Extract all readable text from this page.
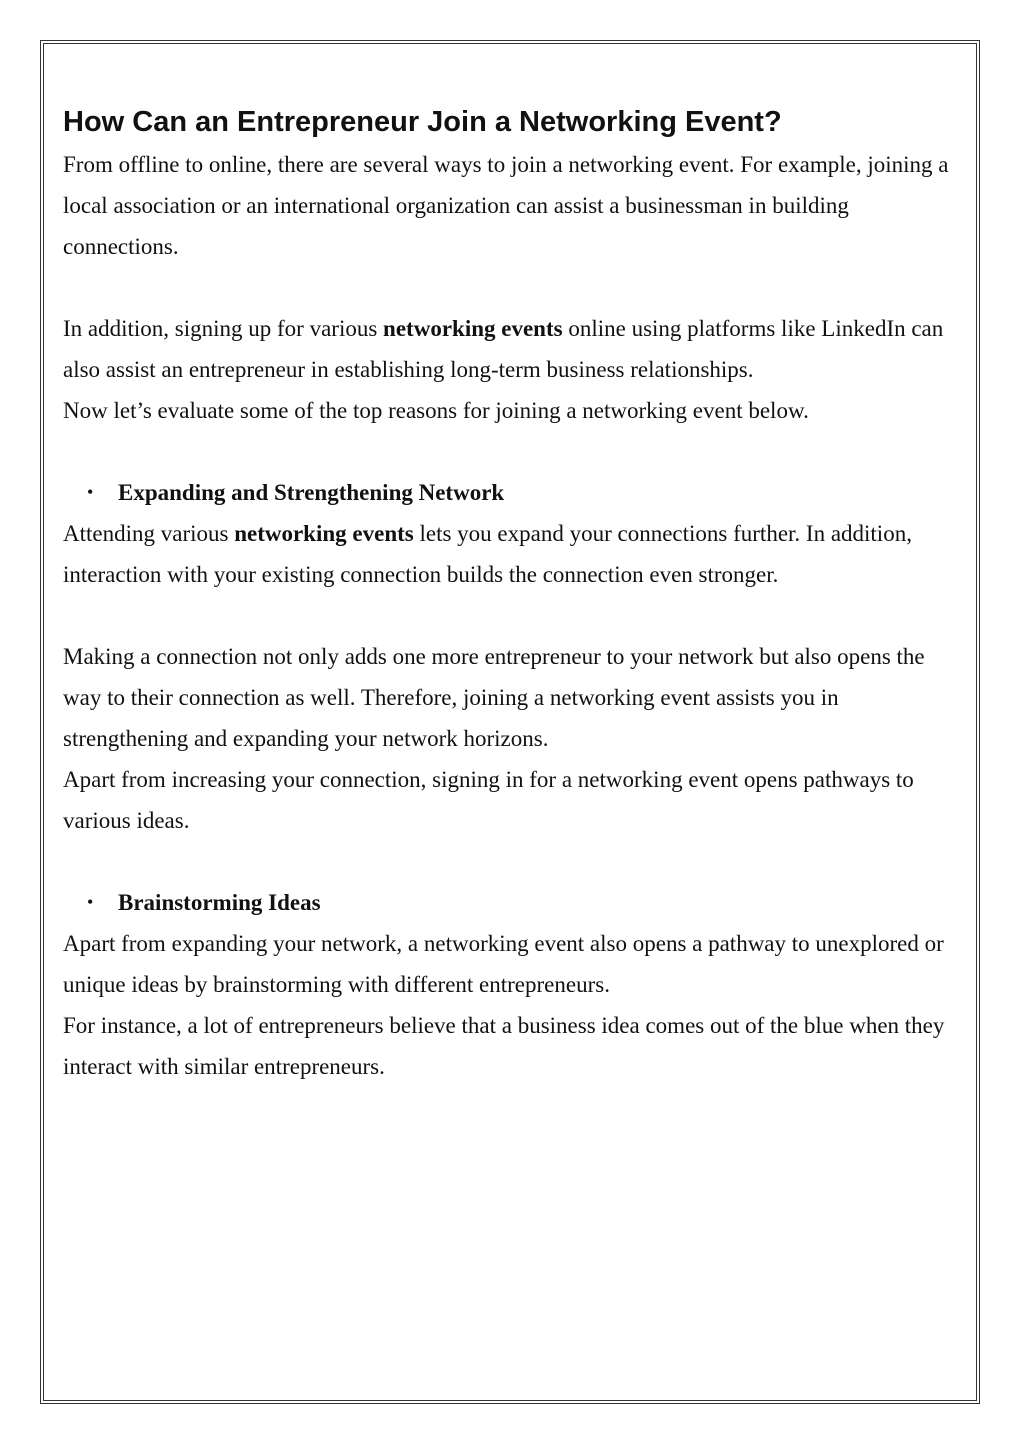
How Can an Entrepreneur Join a Networking Event?

From offline to online, there are several ways to join a networking event. For example, joining a local association or an international organization can assist a businessman in building connections.

In addition, signing up for various networking events online using platforms like LinkedIn can also assist an entrepreneur in establishing long-term business relationships.

Now let’s evaluate some of the top reasons for joining a networking event below.

• Expanding and Strengthening Network

Attending various networking events lets you expand your connections further. In addition, interaction with your existing connection builds the connection even stronger.

Making a connection not only adds one more entrepreneur to your network but also opens the way to their connection as well. Therefore, joining a networking event assists you in strengthening and expanding your network horizons.

Apart from increasing your connection, signing in for a networking event opens pathways to various ideas.

• Brainstorming Ideas

Apart from expanding your network, a networking event also opens a pathway to unexplored or unique ideas by brainstorming with different entrepreneurs.

For instance, a lot of entrepreneurs believe that a business idea comes out of the blue when they interact with similar entrepreneurs.
